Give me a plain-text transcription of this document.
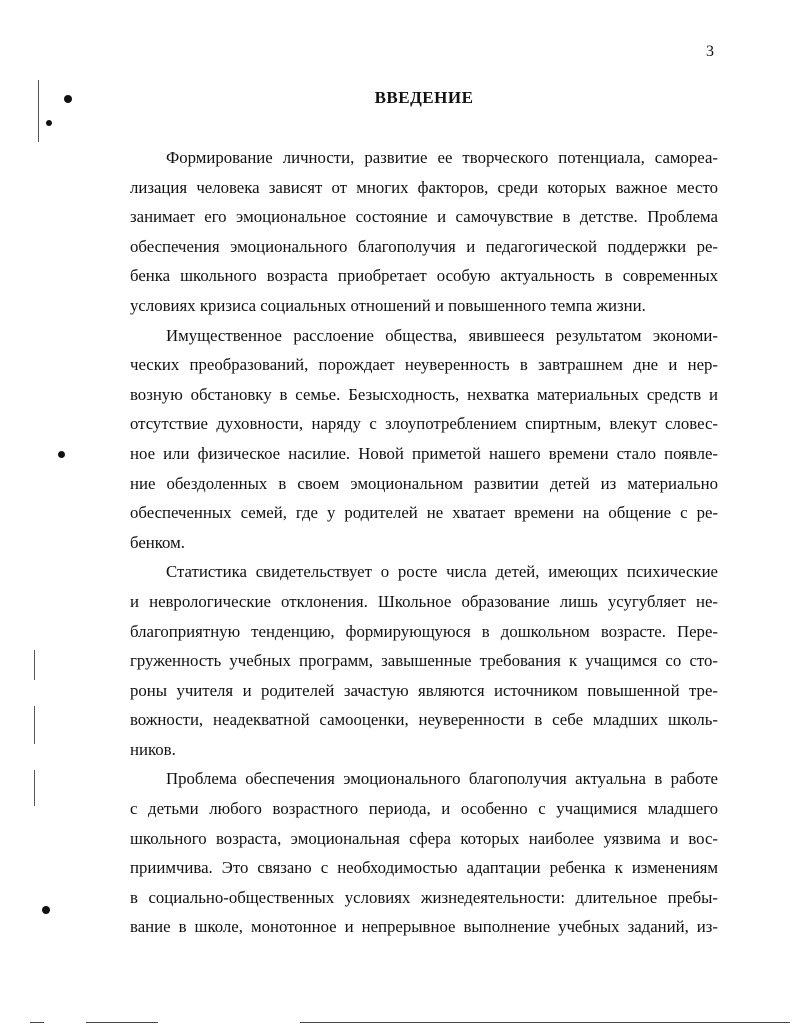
3
ВВЕДЕНИЕ
Формирование личности, развитие ее творческого потенциала, самореа-
лизация человека зависят от многих факторов, среди которых важное место
занимает его эмоциональное состояние и самочувствие в детстве. Проблема
обеспечения эмоционального благополучия и педагогической поддержки ре-
бенка школьного возраста приобретает особую актуальность в современных
условиях кризиса социальных отношений и повышенного темпа жизни.
Имущественное расслоение общества, явившееся результатом экономи-
ческих преобразований, порождает неуверенность в завтрашнем дне и нер-
возную обстановку в семье. Безысходность, нехватка материальных средств и
отсутствие духовности, наряду с злоупотреблением спиртным, влекут словес-
ное или физическое насилие. Новой приметой нашего времени стало появле-
ние обездоленных в своем эмоциональном развитии детей из материально
обеспеченных семей, где у родителей не хватает времени на общение с ре-
бенком.
Статистика свидетельствует о росте числа детей, имеющих психические
и неврологические отклонения. Школьное образование лишь усугубляет не-
благоприятную тенденцию, формирующуюся в дошкольном возрасте. Пере-
груженность учебных программ, завышенные требования к учащимся со сто-
роны учителя и родителей зачастую являются источником повышенной тре-
вожности, неадекватной самооценки, неуверенности в себе младших школь-
ников.
Проблема обеспечения эмоционального благополучия актуальна в работе
с детьми любого возрастного периода, и особенно с учащимися младшего
школьного возраста, эмоциональная сфера которых наиболее уязвима и вос-
приимчива. Это связано с необходимостью адаптации ребенка к изменениям
в социально-общественных условиях жизнедеятельности: длительное пребы-
вание в школе, монотонное и непрерывное выполнение учебных заданий, из-
